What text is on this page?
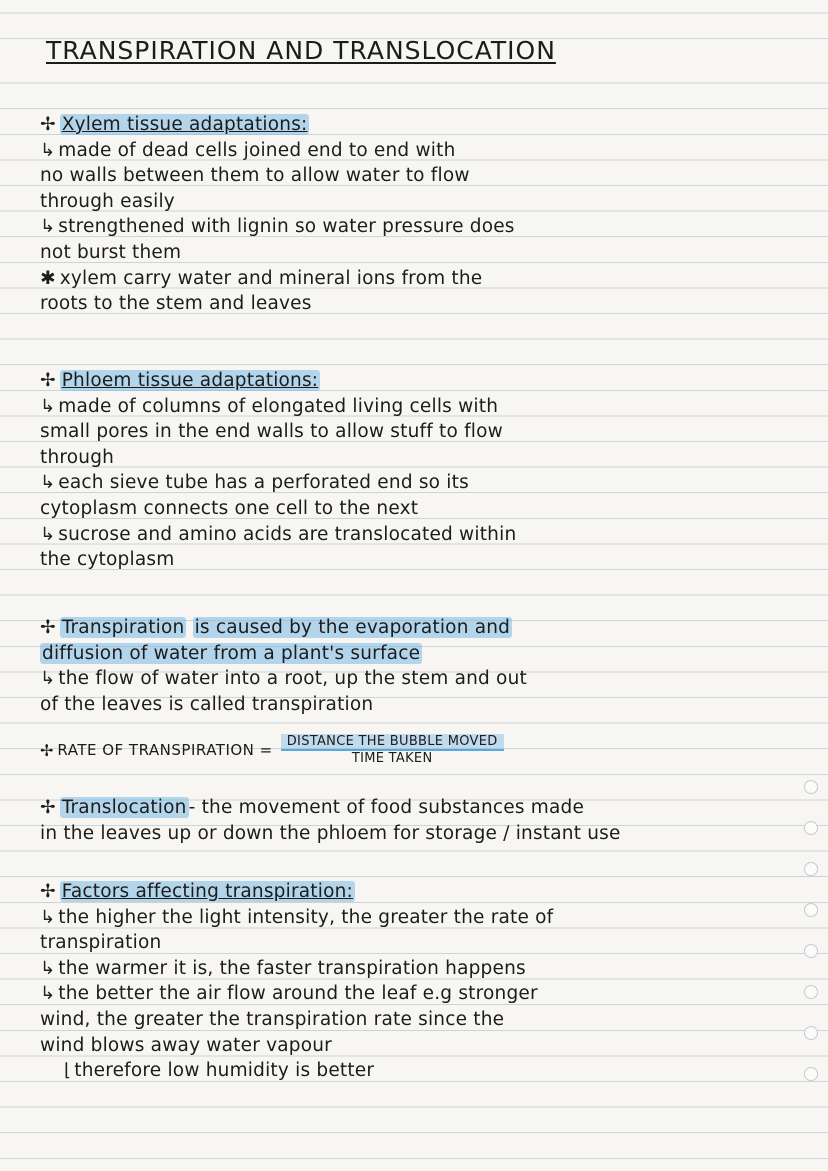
TRANSPIRATION AND TRANSLOCATION
✢ Xylem tissue adaptations:
↳ made of dead cells joined end to end with
no walls between them to allow water to flow
through easily
↳ strengthened with lignin so water pressure does
not burst them
✱ xylem carry water and mineral ions from the
roots to the stem and leaves
✢ Phloem tissue adaptations:
↳ made of columns of elongated living cells with
small pores in the end walls to allow stuff to flow
through
↳ each sieve tube has a perforated end so its
cytoplasm connects one cell to the next
↳ sucrose and amino acids are translocated within
the cytoplasm
✢ Transpiration is caused by the evaporation and
diffusion of water from a plant's surface
↳ the flow of water into a root, up the stem and out
of the leaves is called transpiration
✢ RATE OF TRANSPIRATION = $\frac{\text{DISTANCE THE BUBBLE MOVED}}{\text{TIME TAKEN}}$
✢ Translocation - the movement of food substances made
in the leaves up or down the phloem for storage / instant use
✢ Factors affecting transpiration:
↳ the higher the light intensity, the greater the rate of
transpiration
↳ the warmer it is, the faster transpiration happens
↳ the better the air flow around the leaf e.g stronger
wind, the greater the transpiration rate since the
wind blows away water vapour
⌊ therefore low humidity is better
